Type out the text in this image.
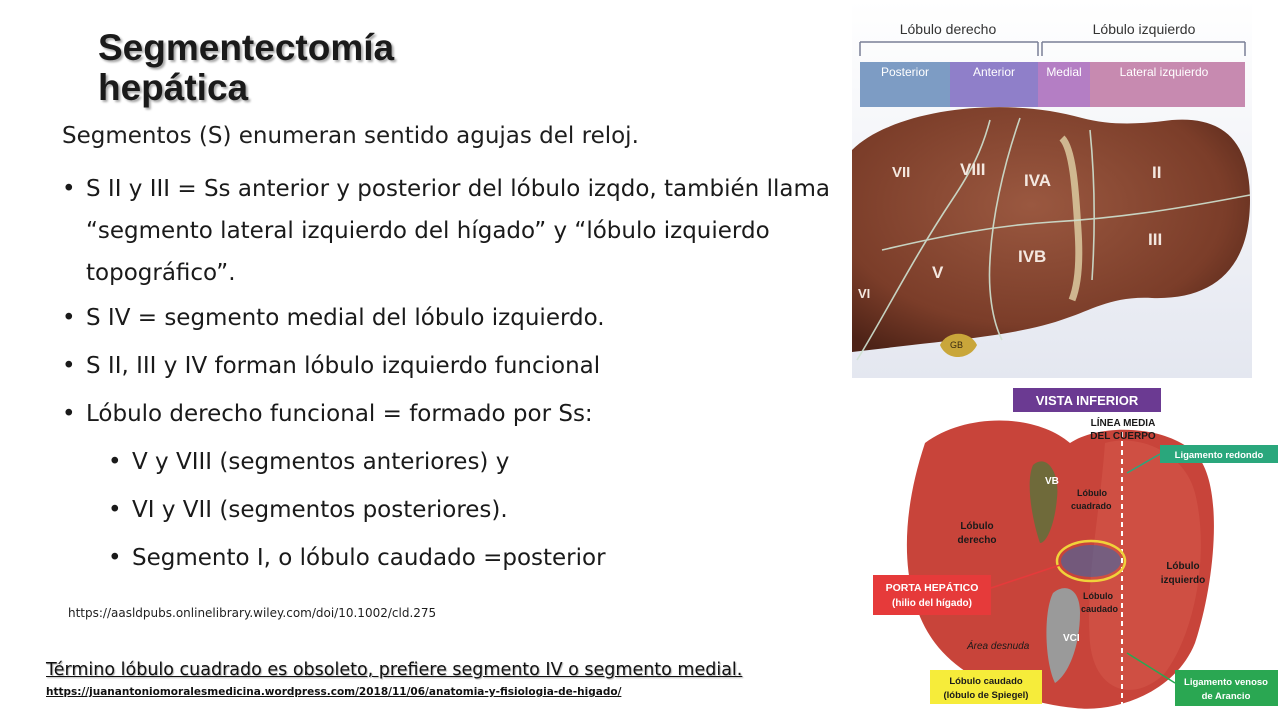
Segmentectomía hepática
Segmentos (S) enumeran sentido agujas del reloj.
• S II y III = Ss anterior y posterior del lóbulo izqdo, también llama “segmento lateral izquierdo del hígado” y “lóbulo izquierdo topográfico”.
• S IV = segmento medial del lóbulo izquierdo.
• S II, III y IV forman lóbulo izquierdo funcional
• Lóbulo derecho funcional = formado por Ss:
• V y VIII (segmentos anteriores) y
• VI y VII (segmentos posteriores).
• Segmento I, o lóbulo caudado =posterior
https://aasldpubs.onlinelibrary.wiley.com/doi/10.1002/cld.275
Término lóbulo cuadrado es obsoleto, prefiere segmento IV o segmento medial.
https://juanantoniomoralesmedicina.wordpress.com/2018/11/06/anatomia-y-fisiologia-de-higado/
Lóbulo derecho	Lóbulo izquierdo
Posterior	Anterior	Medial	Lateral izquierdo
VII	VIII
IVA	II
III
IVB
V
VI
GB
VISTA INFERIOR
LÍNEA MEDIA
DEL CUERPO
Ligamento redondo
VB
Lóbulo
cuadrado
Lóbulo
derecho
Lóbulo
izquierdo
PORTA HEPÁTICO
(hilio del hígado)
Lóbulo
caudado
Área desnuda
VCI
Lóbulo caudado
(lóbulo de Spiegel)
Ligamento venoso
de Arancio
